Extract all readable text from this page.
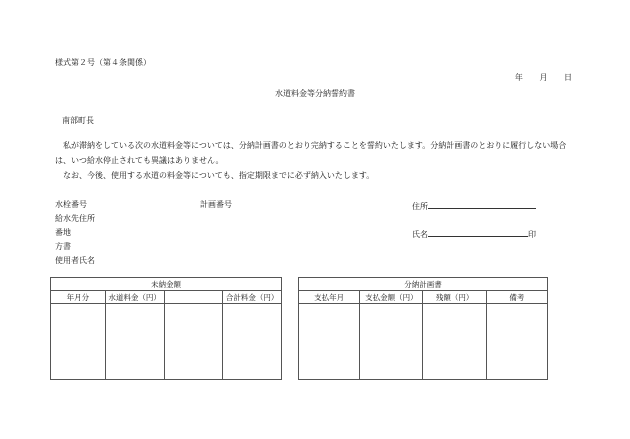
様式第２号（第４条関係）
年 月 日
水道料金等分納誓約書
南部町長

私が滞納をしている次の水道料金等については、分納計画書のとおり完納することを誓約いたします。分納計画書のとおりに履行しない場合は、いつ給水停止されても異議はありません。

なお、今後、使用する水道の料金等についても、指定期限までに必ず納入いたします。

水栓番号	計画番号	住所
給水先住所
番地	氏名	印
方書
使用者氏名
未納金額			
年月分	水道料金（円）		合計料金（円）

分納計画書			
支払年月	支払金額（円）	残額（円）	備考
